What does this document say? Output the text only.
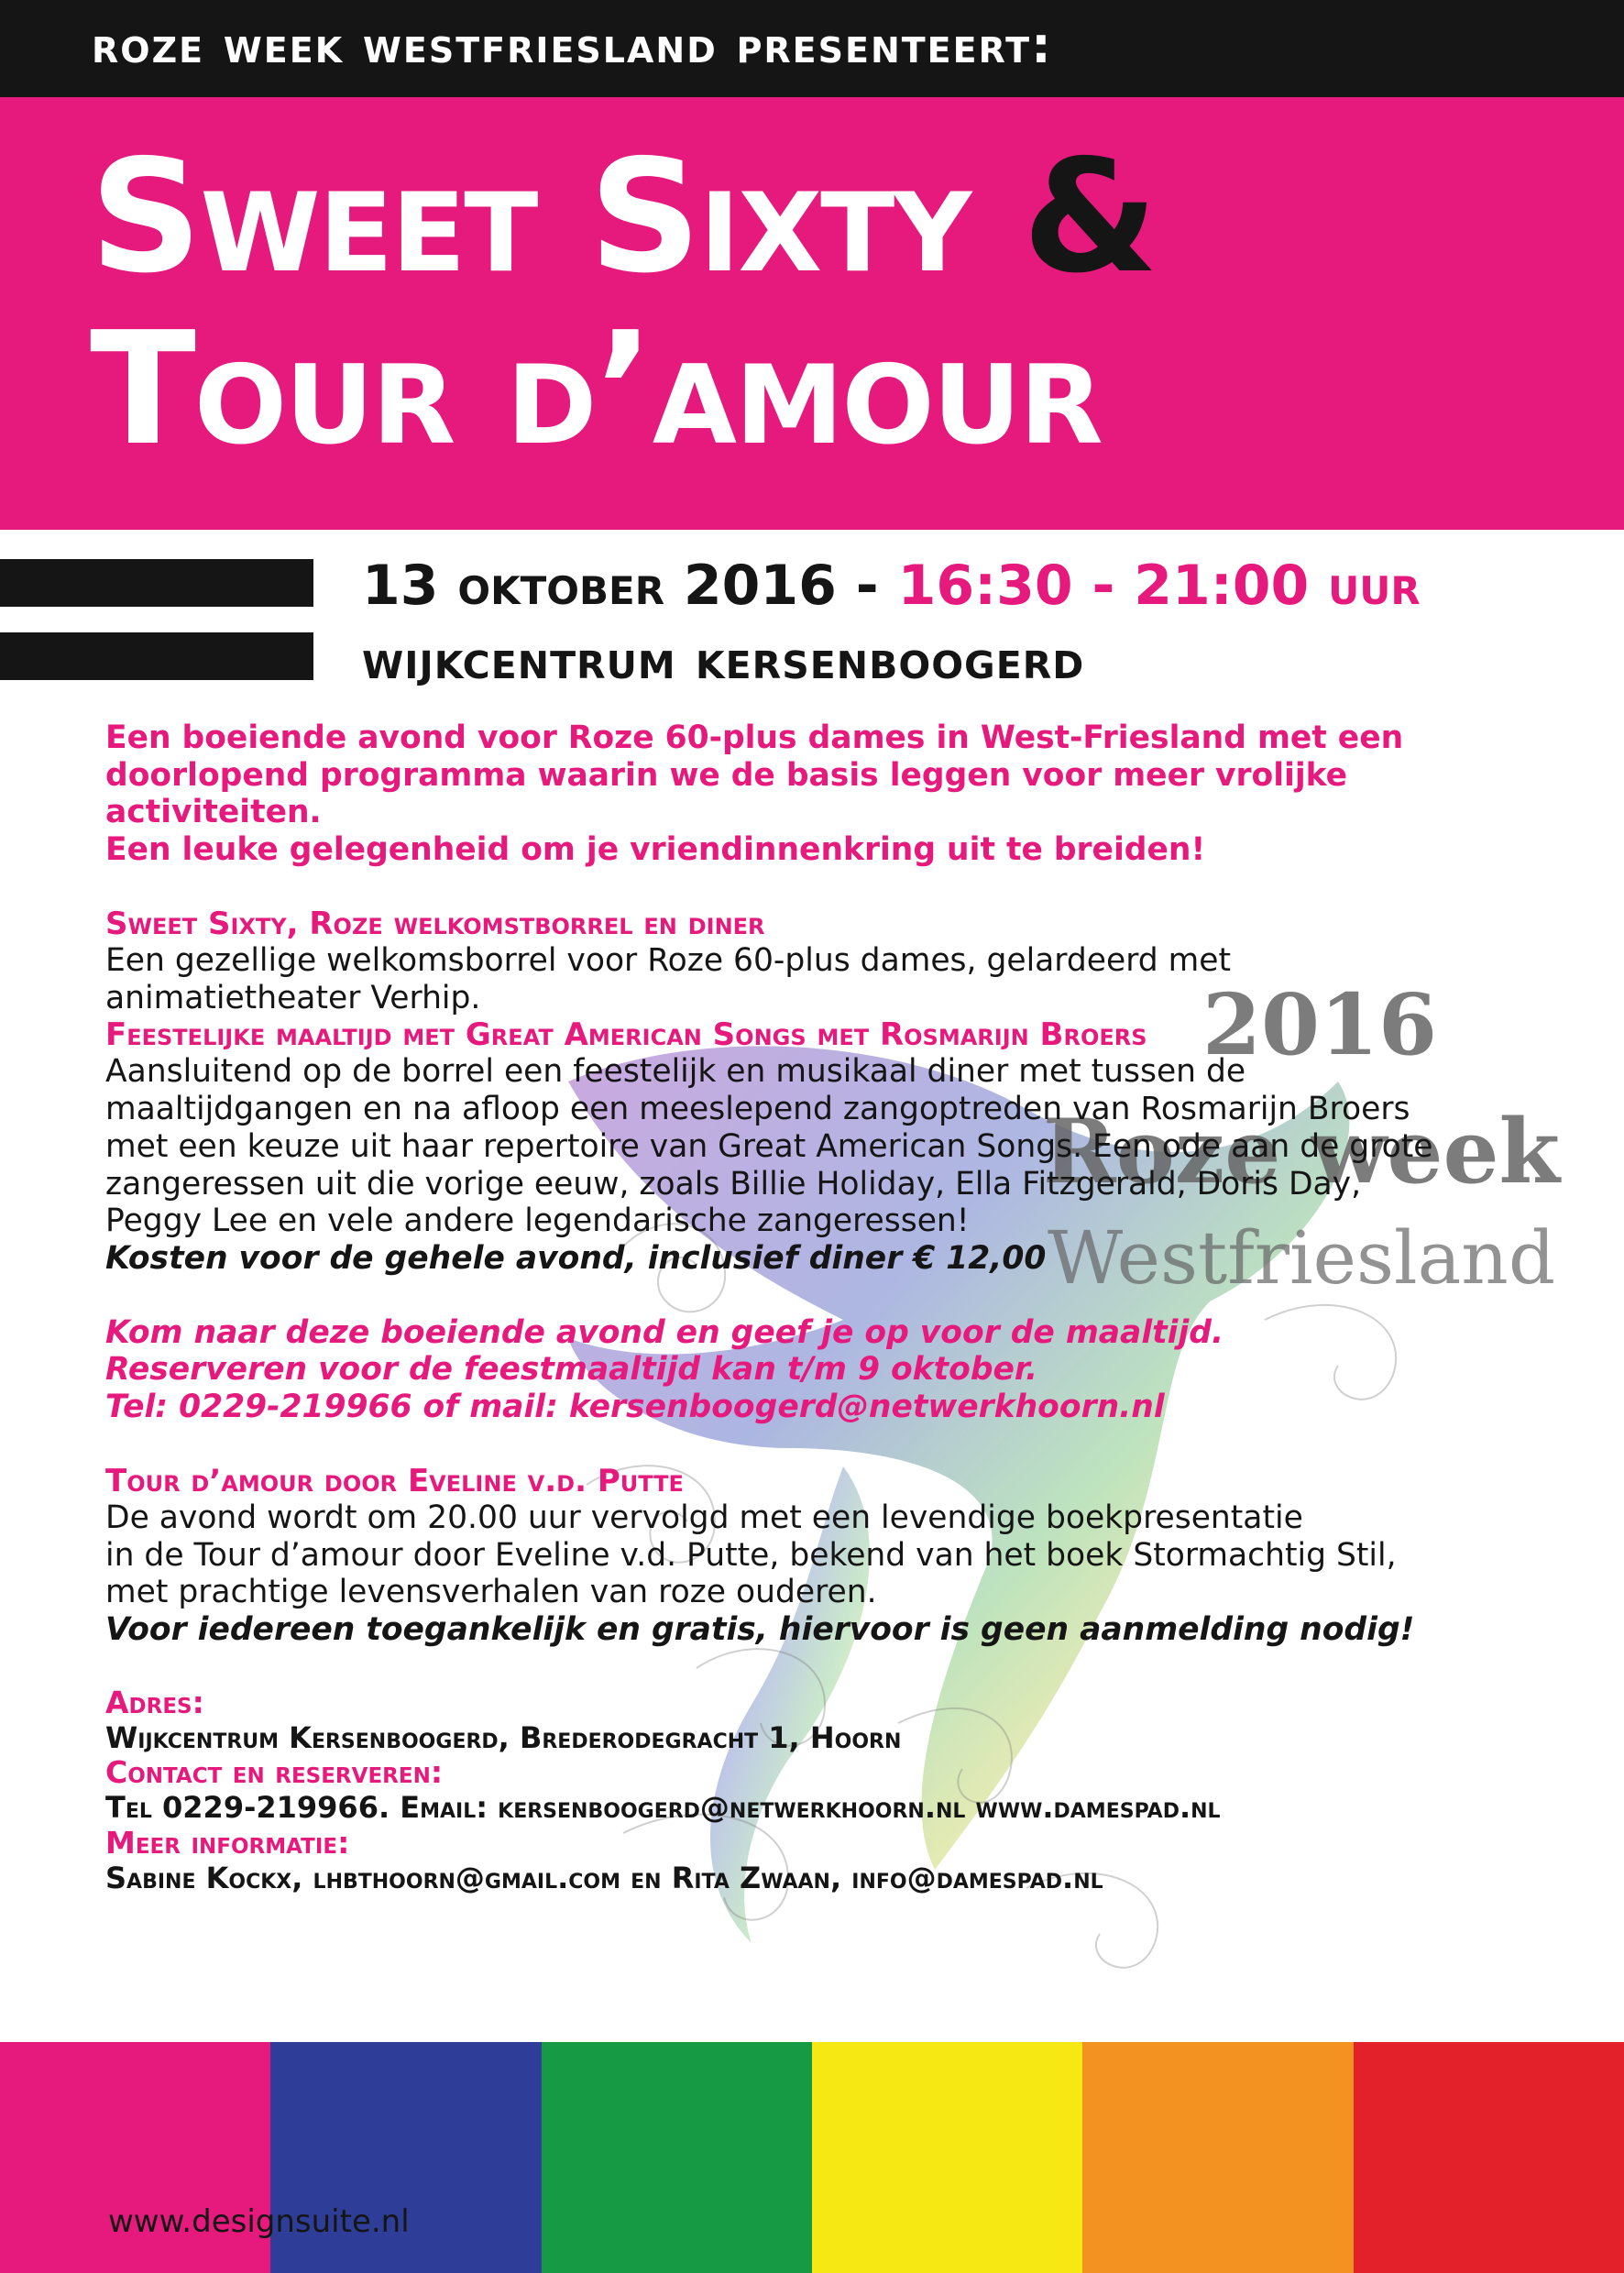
roze week westfriesland presenteert:
Sweet Sixty &
Tour d’amour
13 oktober 2016 - 16:30 - 21:00 uur
wijkcentrum kersenboogerd
2016
Roze week
Westfriesland

Een boeiende avond voor Roze 60-plus dames in West-Friesland met een

doorlopend programma waarin we de basis leggen voor meer vrolijke activiteiten.

Een leuke gelegenheid om je vriendinnenkring uit te breiden!

Sweet Sixty, Roze welkomstborrel en diner

Een gezellige welkomsborrel voor Roze 60-plus dames, gelardeerd met

animatietheater Verhip.

Feestelijke maaltijd met Great American Songs met Rosmarijn Broers

Aansluitend op de borrel een feestelijk en musikaal diner met tussen de

maaltijdgangen en na afloop een meeslepend zangoptreden van Rosmarijn Broers

met een keuze uit haar repertoire van Great American Songs. Een ode aan de grote

zangeressen uit die vorige eeuw, zoals Billie Holiday, Ella Fitzgerald, Doris Day,

Peggy Lee en vele andere legendarische zangeressen!

Kosten voor de gehele avond, inclusief diner € 12,00

Kom naar deze boeiende avond en geef je op voor de maaltijd.

Reserveren voor de feestmaaltijd kan t/m 9 oktober.

Tel: 0229-219966 of mail: kersenboogerd@netwerkhoorn.nl

Tour d’amour door Eveline v.d. Putte

De avond wordt om 20.00 uur vervolgd met een levendige boekpresentatie

in de Tour d’amour door Eveline v.d. Putte, bekend van het boek Stormachtig Stil,

met prachtige levensverhalen van roze ouderen.

Voor iedereen toegankelijk en gratis, hiervoor is geen aanmelding nodig!

Adres:

Wijkcentrum Kersenboogerd, Brederodegracht 1, Hoorn

Contact en reserveren:

Tel 0229-219966. Email: kersenboogerd@netwerkhoorn.nl www.damespad.nl

Meer informatie:

Sabine Kockx, lhbthoorn@gmail.com en Rita Zwaan, info@damespad.nl

www.designsuite.nl
